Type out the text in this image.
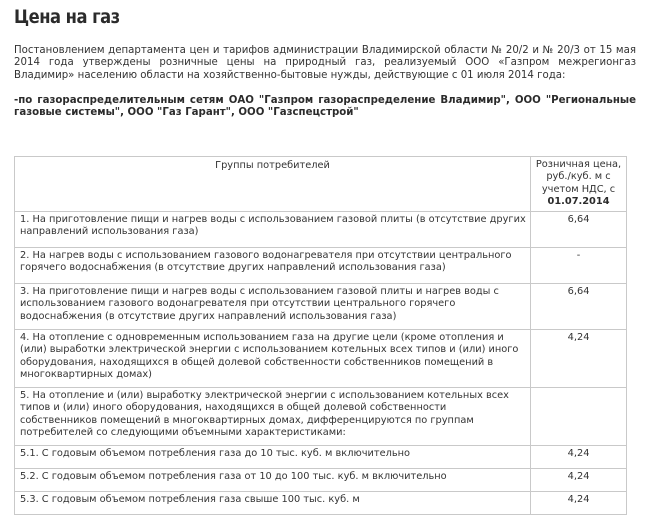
Цена на газ

Постановлением департамента цен и тарифов администрации Владимирской области № 20/2 и № 20/3 от 15 мая 2014 года утверждены розничные цены на природный газ, реализуемый ООО «Газпром межрегионгаз Владимир» населению области на хозяйственно-бытовые нужды, действующие с 01 июля 2014 года:

-по газораспределительным сетям ОАО "Газпром газораспределение Владимир", ООО "Региональные газовые системы", ООО "Газ Гарант", ООО "Газспецстрой"

Группы потребителей	Розничная цена, руб./куб. м с учетом НДС, с 01.07.2014
1. На приготовление пищи и нагрев воды с использованием газовой плиты (в отсутствие других направлений использования газа)	6,64
2. На нагрев воды с использованием газового водонагревателя при отсутствии центрального горячего водоснабжения (в отсутствие других направлений использования газа)	-
3. На приготовление пищи и нагрев воды с использованием газовой плиты и нагрев воды с использованием газового водонагревателя при отсутствии центрального горячего водоснабжения (в отсутствие других направлений использования газа)	6,64
4. На отопление с одновременным использованием газа на другие цели (кроме отопления и (или) выработки электрической энергии с использованием котельных всех типов и (или) иного оборудования, находящихся в общей долевой собственности собственников помещений в многоквартирных домах)	4,24
5. На отопление и (или) выработку электрической энергии с использованием котельных всех типов и (или) иного оборудования, находящихся в общей долевой собственности собственников помещений в многоквартирных домах, дифференцируются по группам потребителей со следующими объемными характеристиками:	
5.1. С годовым объемом потребления газа до 10 тыс. куб. м включительно	4,24
5.2. С годовым объемом потребления газа от 10 до 100 тыс. куб. м включительно	4,24
5.3. С годовым объемом потребления газа свыше 100 тыс. куб. м	4,24
